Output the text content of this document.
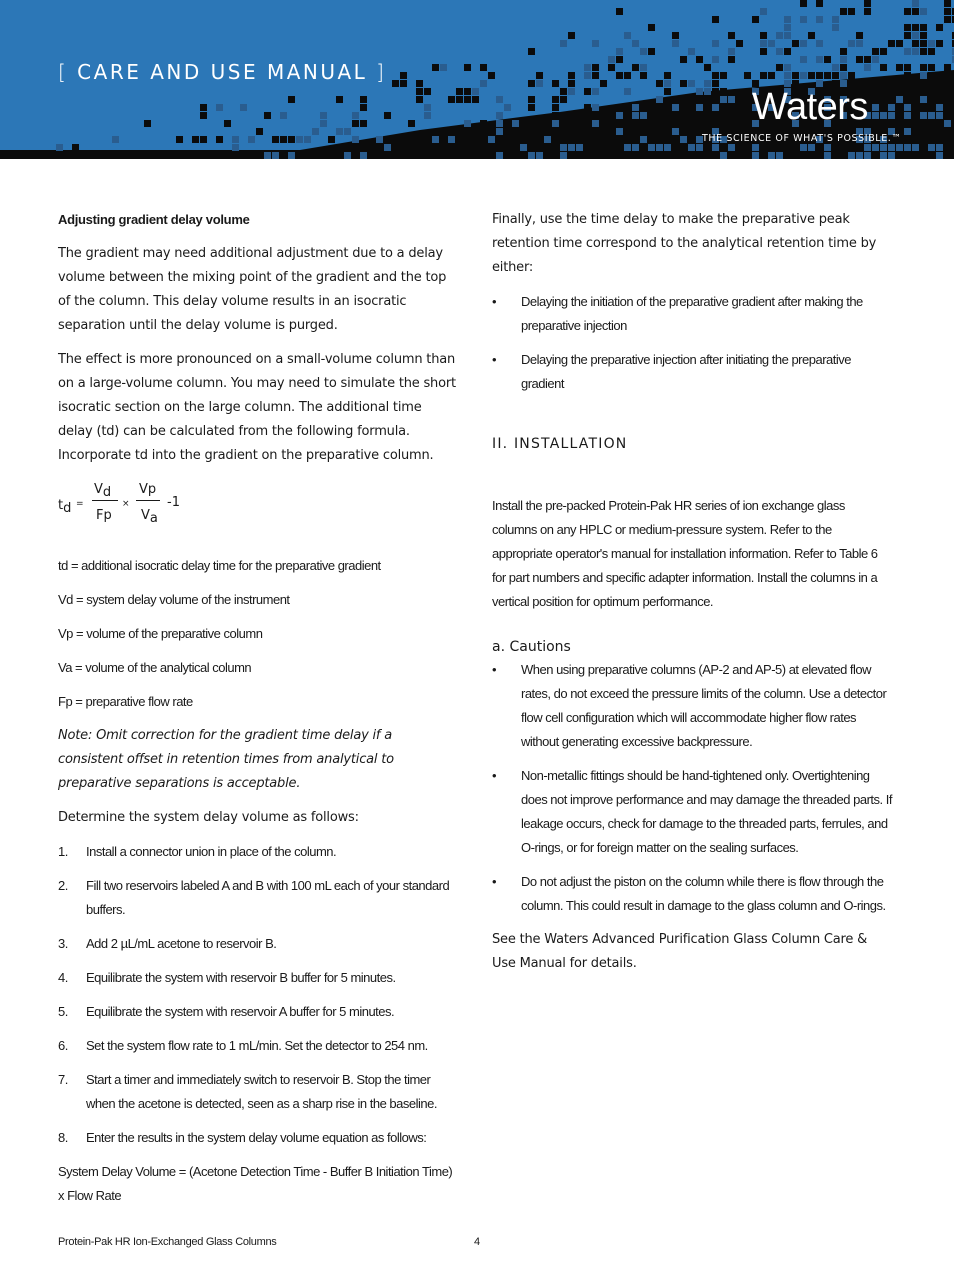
[ CARE AND USE MANUAL ]
Waters
THE SCIENCE OF WHAT'S POSSIBLE.™
Adjusting gradient delay volume

The gradient may need additional adjustment due to a delay volume between the mixing point of the gradient and the top of the column. This delay volume results in an isocratic separation until the delay volume is purged.

The effect is more pronounced on a small-volume column than on a large-volume column. You may need to simulate the short isocratic section on the large column. The additional time delay (td) can be calculated from the following formula. Incorporate td into the gradient on the preparative column.

$t_d$ =
$V_d$
Fp
×
Vp
$V_a$
-1

td = additional isocratic delay time for the preparative gradient

Vd = system delay volume of the instrument

Vp = volume of the preparative column

Va = volume of the analytical column

Fp = preparative flow rate

Note: Omit correction for the gradient time delay if a consistent offset in retention times from analytical to preparative separations is acceptable.

Determine the system delay volume as follows:

1. Install a connector union in place of the column.
2. Fill two reservoirs labeled A and B with 100 mL each of your standard buffers.
3. Add 2 µL/mL acetone to reservoir B.
4. Equilibrate the system with reservoir B buffer for 5 minutes.
5. Equilibrate the system with reservoir A buffer for 5 minutes.
6. Set the system flow rate to 1 mL/min. Set the detector to 254 nm.
7. Start a timer and immediately switch to reservoir B. Stop the timer when the acetone is detected, seen as a sharp rise in the baseline.
8. Enter the results in the system delay volume equation as follows:

System Delay Volume = (Acetone Detection Time - Buffer B Initiation Time) x Flow Rate

Finally, use the time delay to make the preparative peak retention time correspond to the analytical retention time by either:

• Delaying the initiation of the preparative gradient after making the preparative injection
• Delaying the preparative injection after initiating the preparative gradient
II. INSTALLATION

Install the pre-packed Protein-Pak HR series of ion exchange glass columns on any HPLC or medium-pressure system. Refer to the appropriate operator's manual for installation information. Refer to Table 6 for part numbers and specific adapter information. Install the columns in a vertical position for optimum performance.

a. Cautions
• When using preparative columns (AP-2 and AP-5) at elevated flow rates, do not exceed the pressure limits of the column. Use a detector flow cell configuration which will accommodate higher flow rates without generating excessive backpressure.
• Non-metallic fittings should be hand-tightened only. Overtightening does not improve performance and may damage the threaded parts. If leakage occurs, check for damage to the threaded parts, ferrules, and O-rings, or for foreign matter on the sealing surfaces.
• Do not adjust the piston on the column while there is flow through the column. This could result in damage to the glass column and O-rings.

See the Waters Advanced Purification Glass Column Care & Use Manual for details.

Protein-Pak HR Ion-Exchanged Glass Columns	4
